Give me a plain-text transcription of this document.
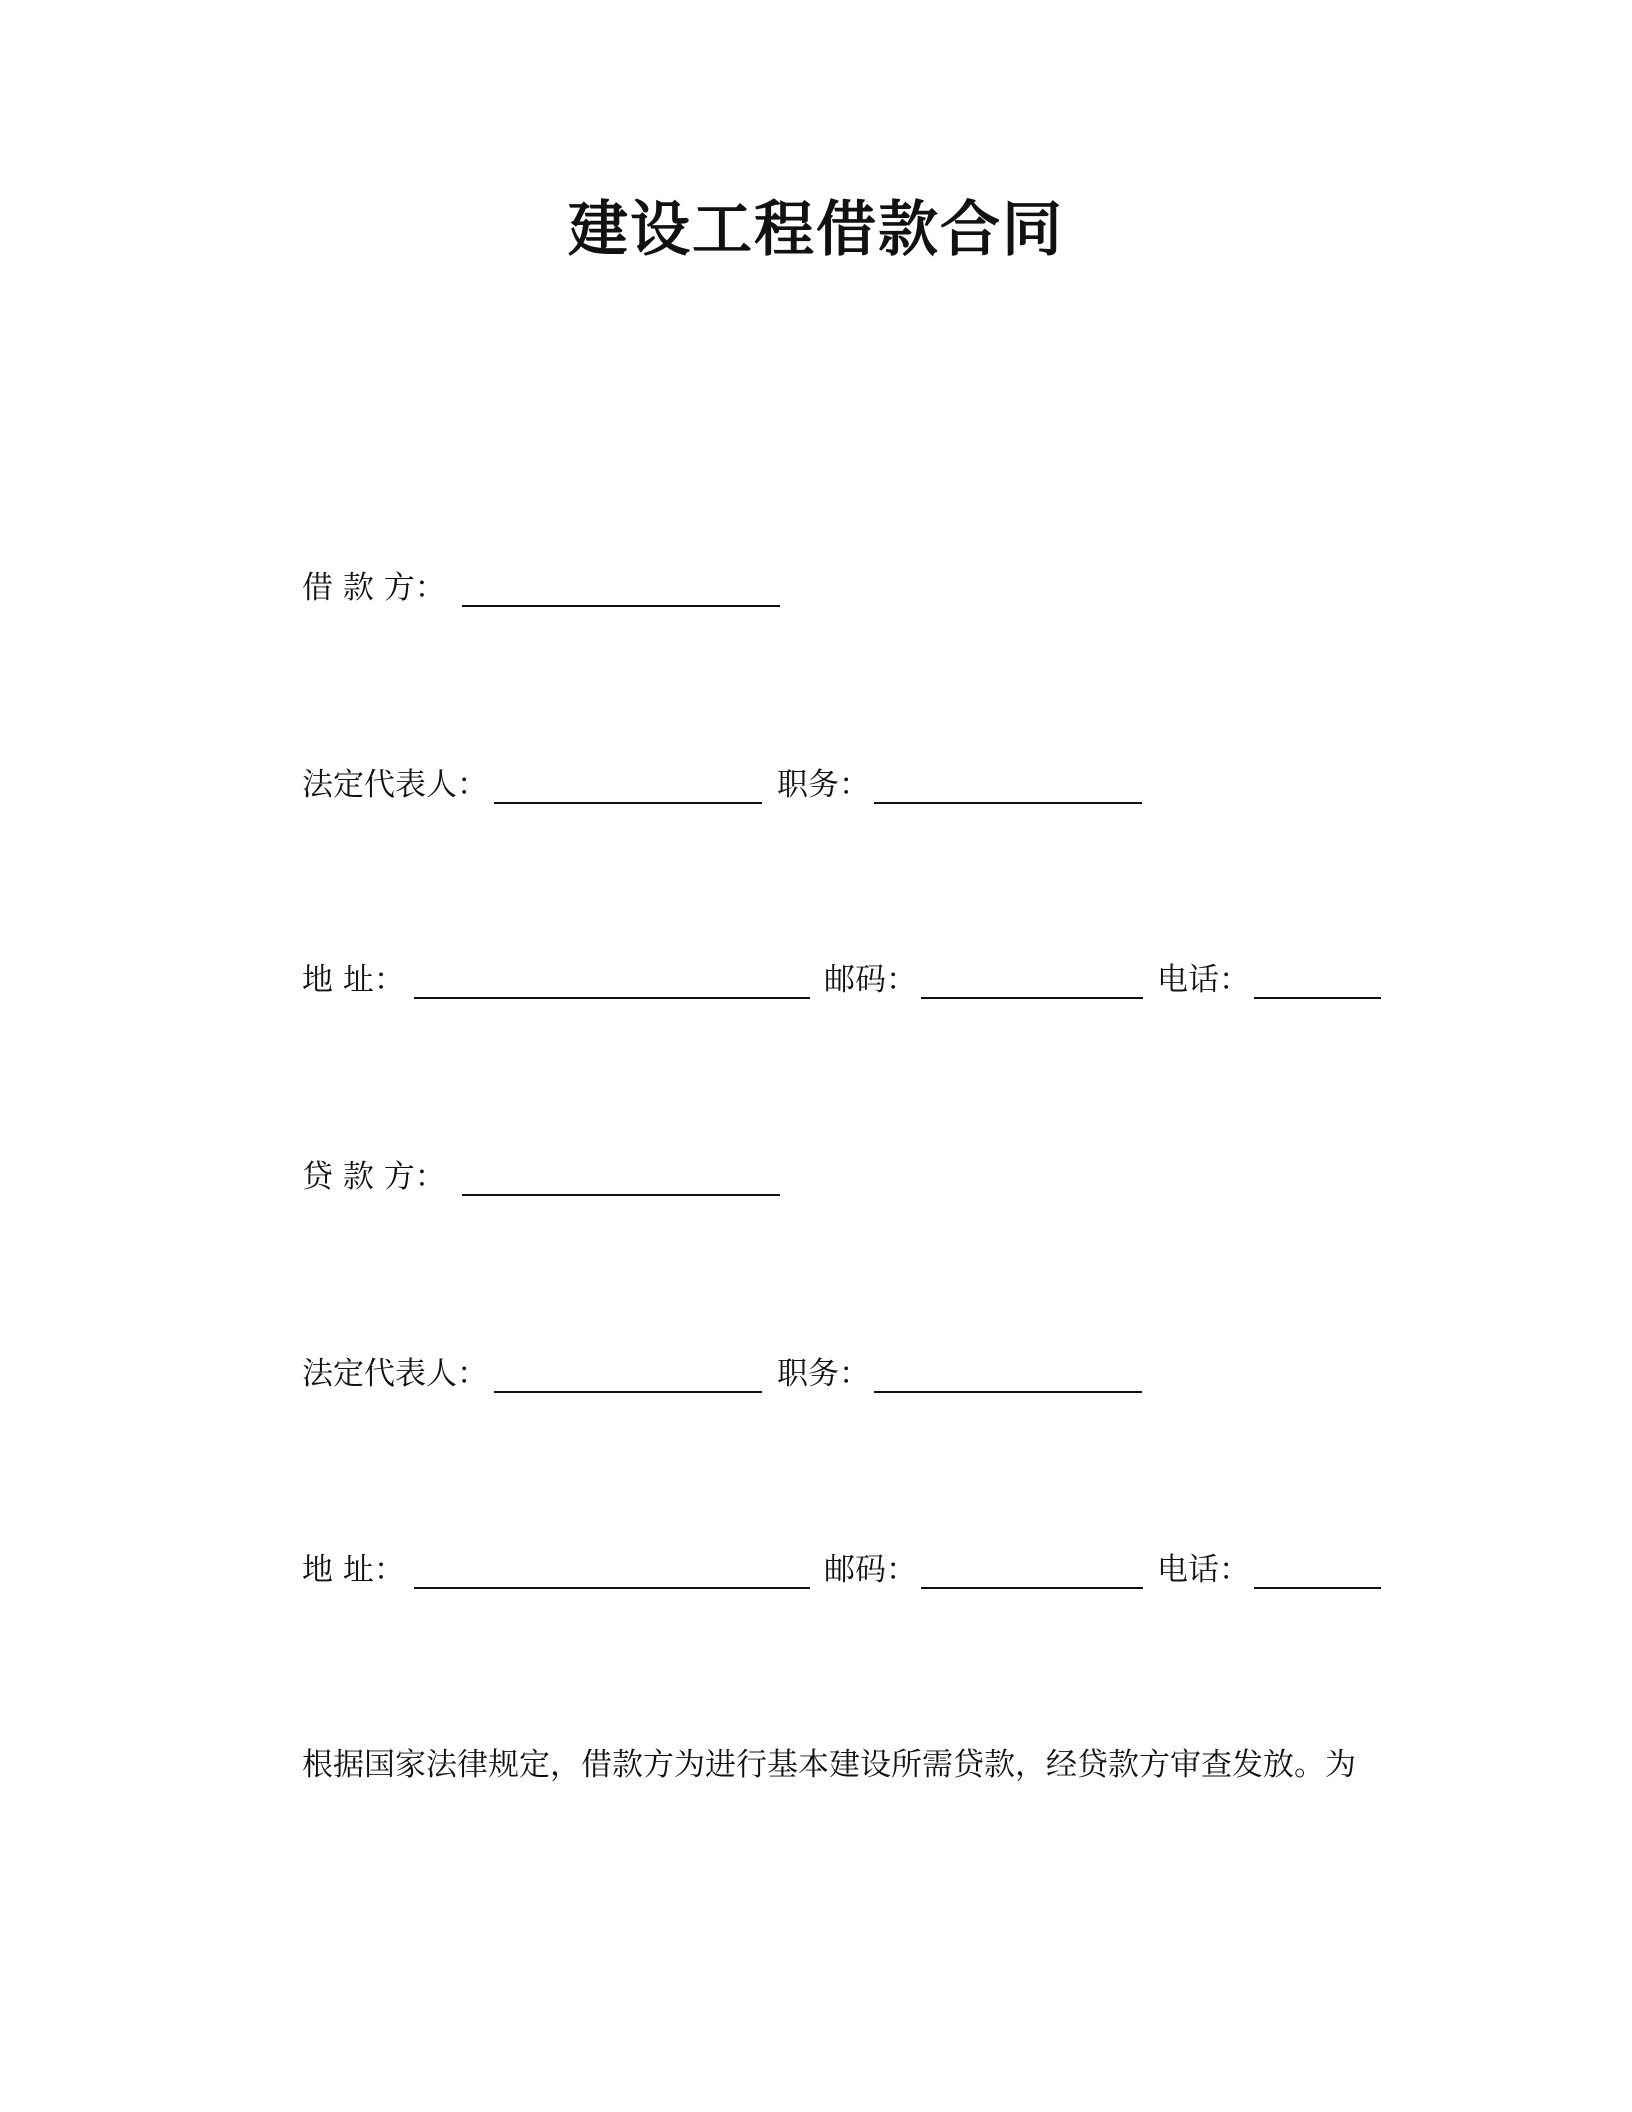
建设工程借款合同
借 款 方：
法定代表人：	职务：
地 址：	邮码：	电话：
贷 款 方：
法定代表人：	职务：
地 址：	邮码：	电话：
根据国家法律规定，借款方为进行基本建设所需贷款，经贷款方审查发放。为
